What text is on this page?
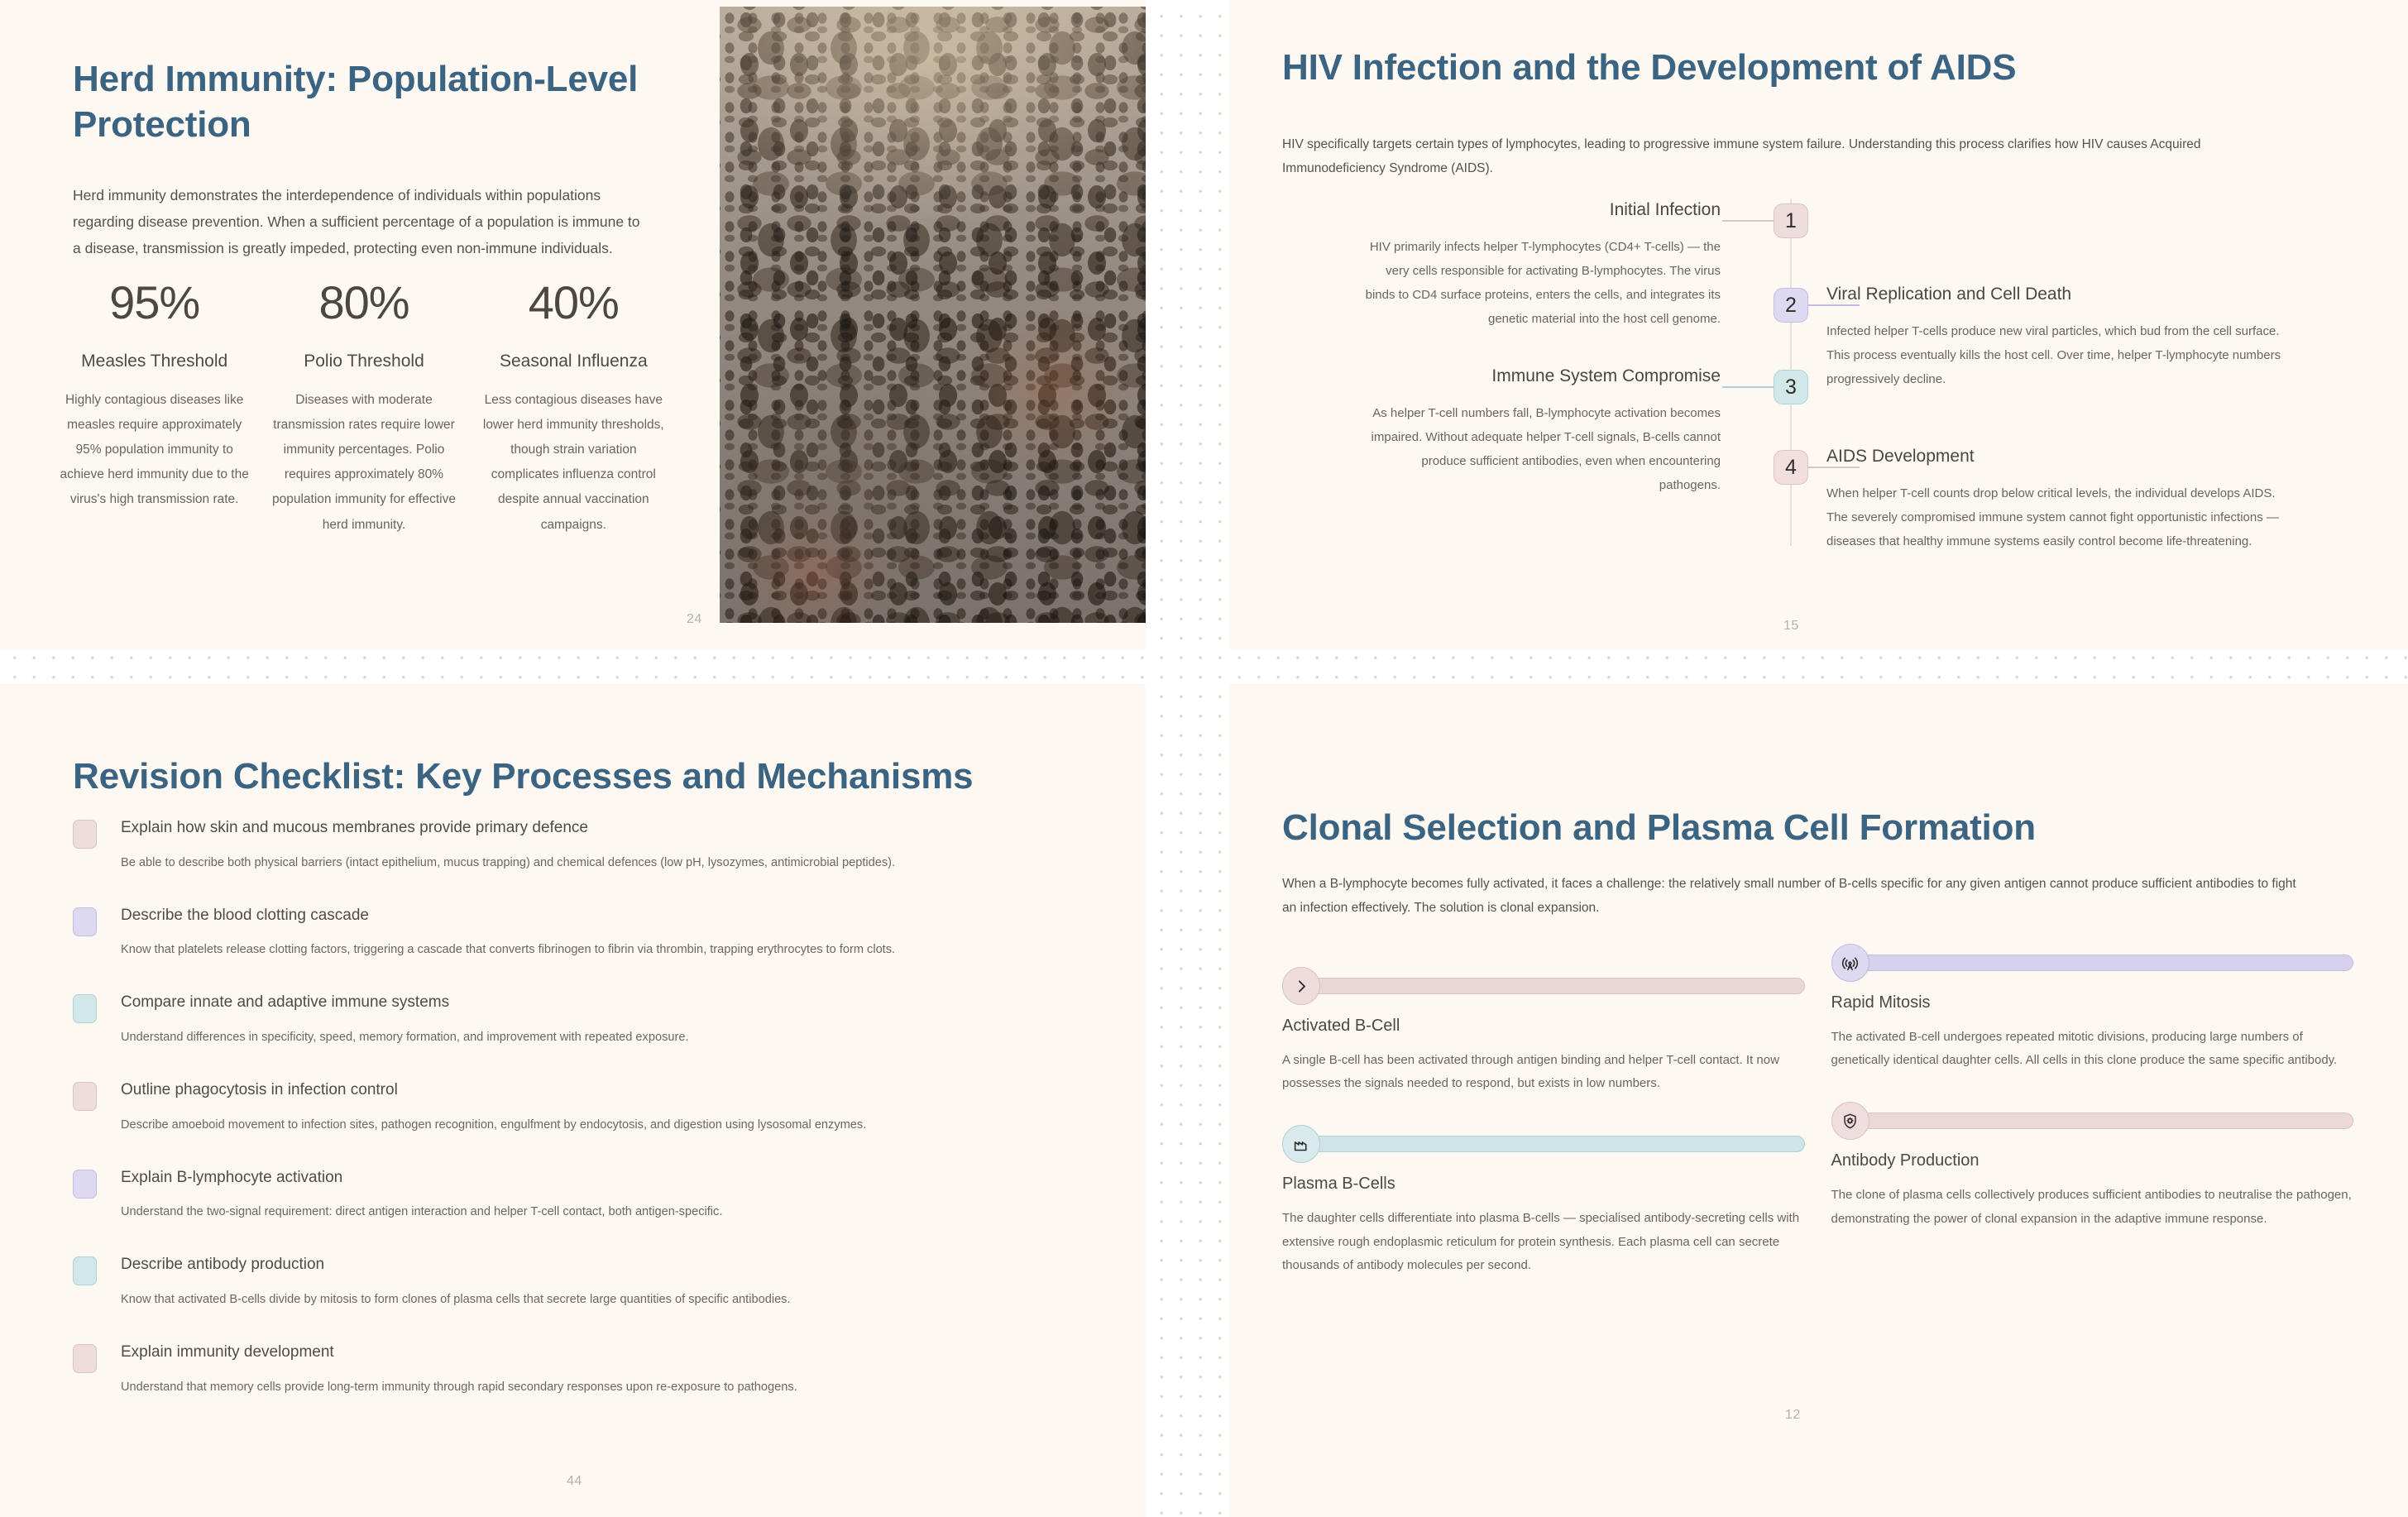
Herd Immunity: Population-Level Protection

Herd immunity demonstrates the interdependence of individuals within populations regarding disease prevention. When a sufficient percentage of a population is immune to a disease, transmission is greatly impeded, protecting even non-immune individuals.

95%
Measles Threshold
Highly contagious diseases like measles require approximately 95% population immunity to achieve herd immunity due to the virus's high transmission rate.
80%
Polio Threshold
Diseases with moderate transmission rates require lower immunity percentages. Polio requires approximately 80% population immunity for effective herd immunity.
40%
Seasonal Influenza
Less contagious diseases have lower herd immunity thresholds, though strain variation complicates influenza control despite annual vaccination campaigns.
24
HIV Infection and the Development of AIDS

HIV specifically targets certain types of lymphocytes, leading to progressive immune system failure. Understanding this process clarifies how HIV causes Acquired Immunodeficiency Syndrome (AIDS).

1
Initial Infection
HIV primarily infects helper T-lymphocytes (CD4+ T-cells) — the very cells responsible for activating B-lymphocytes. The virus binds to CD4 surface proteins, enters the cells, and integrates its genetic material into the host cell genome.
2 Viral Replication and Cell Death
Infected helper T-cells produce new viral particles, which bud from the cell surface. This process eventually kills the host cell. Over time, helper T-lymphocyte numbers progressively decline.
3
Immune System Compromise
As helper T-cell numbers fall, B-lymphocyte activation becomes impaired. Without adequate helper T-cell signals, B-cells cannot produce sufficient antibodies, even when encountering pathogens.
4 AIDS Development
When helper T-cell counts drop below critical levels, the individual develops AIDS. The severely compromised immune system cannot fight opportunistic infections — diseases that healthy immune systems easily control become life-threatening.
15
Revision Checklist: Key Processes and Mechanisms
Explain how skin and mucous membranes provide primary defence
Be able to describe both physical barriers (intact epithelium, mucus trapping) and chemical defences (low pH, lysozymes, antimicrobial peptides).
Describe the blood clotting cascade
Know that platelets release clotting factors, triggering a cascade that converts fibrinogen to fibrin via thrombin, trapping erythrocytes to form clots.
Compare innate and adaptive immune systems
Understand differences in specificity, speed, memory formation, and improvement with repeated exposure.
Outline phagocytosis in infection control
Describe amoeboid movement to infection sites, pathogen recognition, engulfment by endocytosis, and digestion using lysosomal enzymes.
Explain B-lymphocyte activation
Understand the two-signal requirement: direct antigen interaction and helper T-cell contact, both antigen-specific.
Describe antibody production
Know that activated B-cells divide by mitosis to form clones of plasma cells that secrete large quantities of specific antibodies.
Explain immunity development
Understand that memory cells provide long-term immunity through rapid secondary responses upon re-exposure to pathogens.
44
Clonal Selection and Plasma Cell Formation

When a B-lymphocyte becomes fully activated, it faces a challenge: the relatively small number of B-cells specific for any given antigen cannot produce sufficient antibodies to fight an infection effectively. The solution is clonal expansion.

Activated B-Cell
A single B-cell has been activated through antigen binding and helper T-cell contact. It now possesses the signals needed to respond, but exists in low numbers.
Rapid Mitosis
The activated B-cell undergoes repeated mitotic divisions, producing large numbers of genetically identical daughter cells. All cells in this clone produce the same specific antibody.
Plasma B-Cells
The daughter cells differentiate into plasma B-cells — specialised antibody-secreting cells with extensive rough endoplasmic reticulum for protein synthesis. Each plasma cell can secrete thousands of antibody molecules per second.
Antibody Production
The clone of plasma cells collectively produces sufficient antibodies to neutralise the pathogen, demonstrating the power of clonal expansion in the adaptive immune response.
12
